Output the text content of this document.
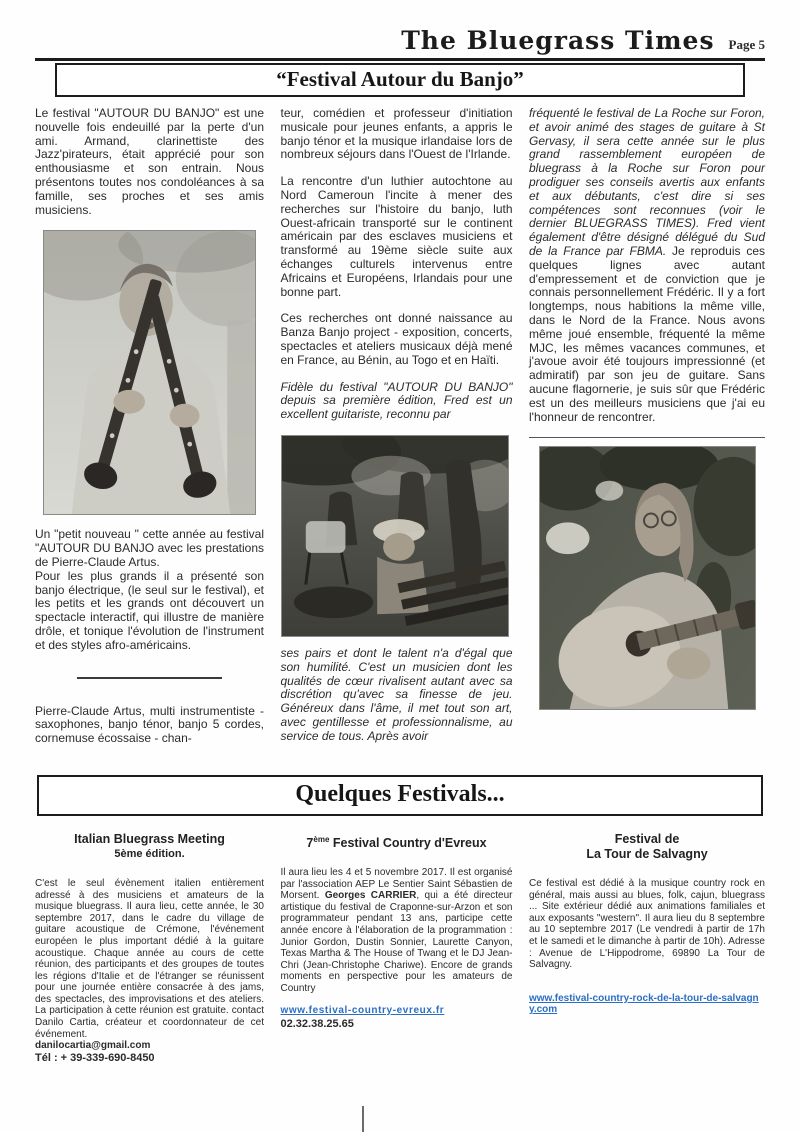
The Bluegrass Times Page 5
“Festival Autour du Banjo”

Le festival "AUTOUR DU BANJO" est une nouvelle fois endeuillé par la perte d'un ami. Armand, clarinettiste des Jazz'pirateurs, était apprécié pour son enthousiasme et son entrain. Nous présentons toutes nos condoléances à sa famille, ses proches et ses amis musiciens.

Un "petit nouveau " cette année au festival "AUTOUR DU BANJO avec les prestations de Pierre-Claude Artus.

Pour les plus grands il a présenté son banjo électrique, (le seul sur le festival), et les petits et les grands ont découvert un spectacle interactif, qui illustre de manière drôle, et tonique l'évolution de l'instrument et des styles afro-américains.

Pierre-Claude Artus, multi instrumentiste - saxophones, banjo ténor, banjo 5 cordes, cornemuse écossaise - chan-

teur, comédien et professeur d'initiation musicale pour jeunes enfants, a appris le banjo ténor et la musique irlandaise lors de nombreux séjours dans l'Ouest de l'Irlande.

La rencontre d'un luthier autochtone au Nord Cameroun l'incite à mener des recherches sur l'histoire du banjo, luth Ouest-africain transporté sur le continent américain par des esclaves musiciens et transformé au 19ème siècle suite aux échanges culturels intervenus entre Africains et Européens, Irlandais pour une bonne part.

Ces recherches ont donné naissance au Banza Banjo project - exposition, concerts, spectacles et ateliers musicaux déjà mené en France, au Bénin, au Togo et en Haïti.

Fidèle du festival "AUTOUR DU BANJO" depuis sa première édition, Fred est un excellent guitariste, reconnu par

ses pairs et dont le talent n'a d'égal que son humilité. C'est un musicien dont les qualités de cœur rivalisent autant avec sa discrétion qu'avec sa finesse de jeu. Généreux dans l'âme, il met tout son art, avec gentillesse et professionnalisme, au service de tous. Après avoir

fréquenté le festival de La Roche sur Foron, et avoir animé des stages de guitare à St Gervasy, il sera cette année sur le plus grand rassemblement européen de bluegrass à la Roche sur Foron pour prodiguer ses conseils avertis aux enfants et aux débutants, c'est dire si ses compétences sont reconnues (voir le dernier BLUEGRASS TIMES). Fred vient également d'être désigné délégué du Sud de la France par FBMA. Je reproduis ces quelques lignes avec autant d'empressement et de conviction que je connais personnellement Frédéric. Il y a fort longtemps, nous habitions la même ville, dans le Nord de la France. Nous avons même joué ensemble, fréquenté la même MJC, les mêmes vacances communes, et j'avoue avoir été toujours impressionné (et admiratif) par son jeu de guitare. Sans aucune flagornerie, je suis sûr que Frédéric est un des meilleurs musiciens que j'ai eu l'honneur de rencontrer.

Quelques Festivals...
Italian Bluegrass Meeting
5ème édition.

C'est le seul évènement italien entièrement adressé à des musiciens et amateurs de la musique bluegrass. Il aura lieu, cette année, le 30 septembre 2017, dans le cadre du village de guitare acoustique de Crémone, l'événement européen le plus important dédié à la guitare acoustique. Chaque année au cours de cette réunion, des participants et des groupes de toutes les régions d'Italie et de l'étranger se réunissent pour une journée entière consacrée à des jams, des spectacles, des improvisations et des ateliers. La participation à cette réunion est gratuite. contact Danilo Cartia, créateur et coordonnateur de cet événement.

danilocartia@gmail.com
Tél : + 39-339-690-8450
7ème Festival Country d'Evreux

Il aura lieu les 4 et 5 novembre 2017. Il est organisé par l'association AEP Le Sentier Saint Sébastien de Morsent. Georges CARRIER, qui a été directeur artistique du festival de Craponne-sur-Arzon et son programmateur pendant 13 ans, participe cette année encore à l'élaboration de la programmation : Junior Gordon, Dustin Sonnier, Laurette Canyon, Texas Martha & The House of Twang et le DJ Jean-Chri (Jean-Christophe Chariwe). Encore de grands moments en perspective pour les amateurs de Country

www.festival-country-evreux.fr
02.32.38.25.65
Festival de
La Tour de Salvagny

Ce festival est dédié à la musique country rock en général, mais aussi au blues, folk, cajun, bluegrass ... Site extérieur dédié aux animations familiales et aux exposants "western". Il aura lieu du 8 septembre au 10 septembre 2017 (Le vendredi à partir de 17h et le samedi et le dimanche à partir de 10h). Adresse : Avenue de L'Hippodrome, 69890 La Tour de Salvagny.

www.festival-country-rock-de-la-tour-de-salvagny.com
